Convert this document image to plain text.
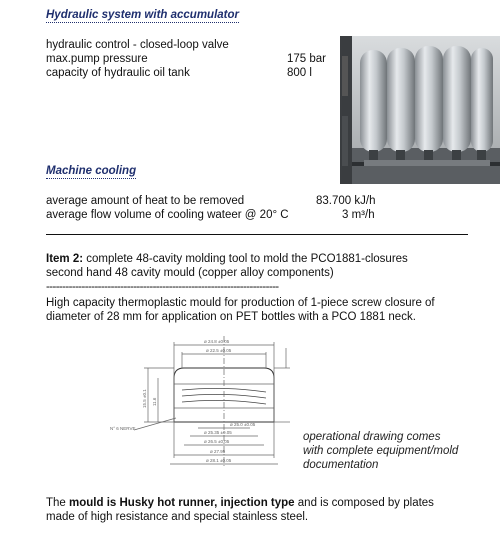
Hydraulic system with accumulator
hydraulic control - closed-loop valve
max.pump pressure	175 bar
capacity of hydraulic oil tank	800 l
Machine cooling
average amount of heat to be removed	83.700 kJ/h
average flow volume of cooling wateer @ 20° C	3 m³/h
Item 2: complete 48-cavity molding tool to mold the PCO1881-closures
second hand 48 cavity mould (copper alloy components)
------------------------------------------------------------------------
High capacity thermoplastic mould for production of 1-piece screw closure of
diameter of 28 mm for application on PET bottles with a PCO 1881 neck.
ø 24.8 ±0.05
ø 22.5 ±0.05
ø 25.0 ±0.05
ø 25.35 ±0.05
ø 26.5 ±0.05
ø 27.95
ø 28.1 ±0.05
N° 6 NERVE
15.5 ±0.1 11.6
operational drawing comes
with complete equipment/mold
documentation
The mould is Husky hot runner, injection type and is composed by plates
made of high resistance and special stainless steel.
